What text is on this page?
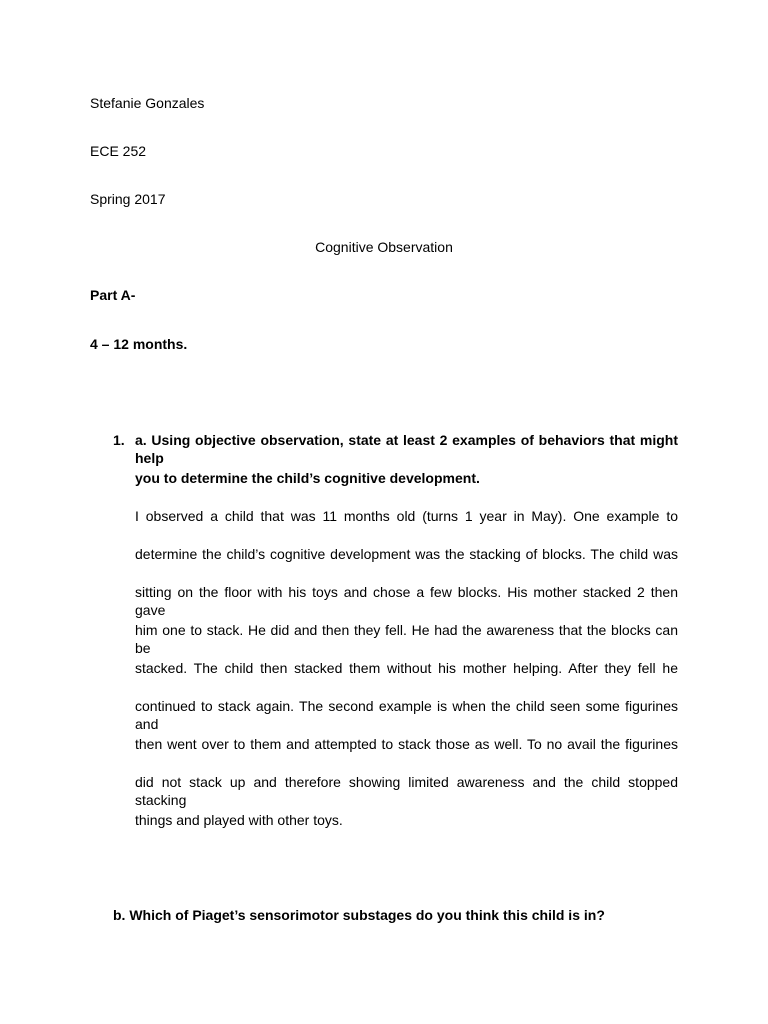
Stefanie Gonzales
ECE 252
Spring 2017
Cognitive Observation
Part A-
4 – 12 months.
1. a. Using objective observation, state at least 2 examples of behaviors that might help
you to determine the child’s cognitive development.
I observed a child that was 11 months old (turns 1 year in May). One example to
determine the child’s cognitive development was the stacking of blocks. The child was
sitting on the floor with his toys and chose a few blocks. His mother stacked 2 then gave
him one to stack. He did and then they fell. He had the awareness that the blocks can be
stacked. The child then stacked them without his mother helping. After they fell he
continued to stack again. The second example is when the child seen some figurines and
then went over to them and attempted to stack those as well. To no avail the figurines
did not stack up and therefore showing limited awareness and the child stopped stacking
things and played with other toys.
b. Which of Piaget’s sensorimotor substages do you think this child is in?
